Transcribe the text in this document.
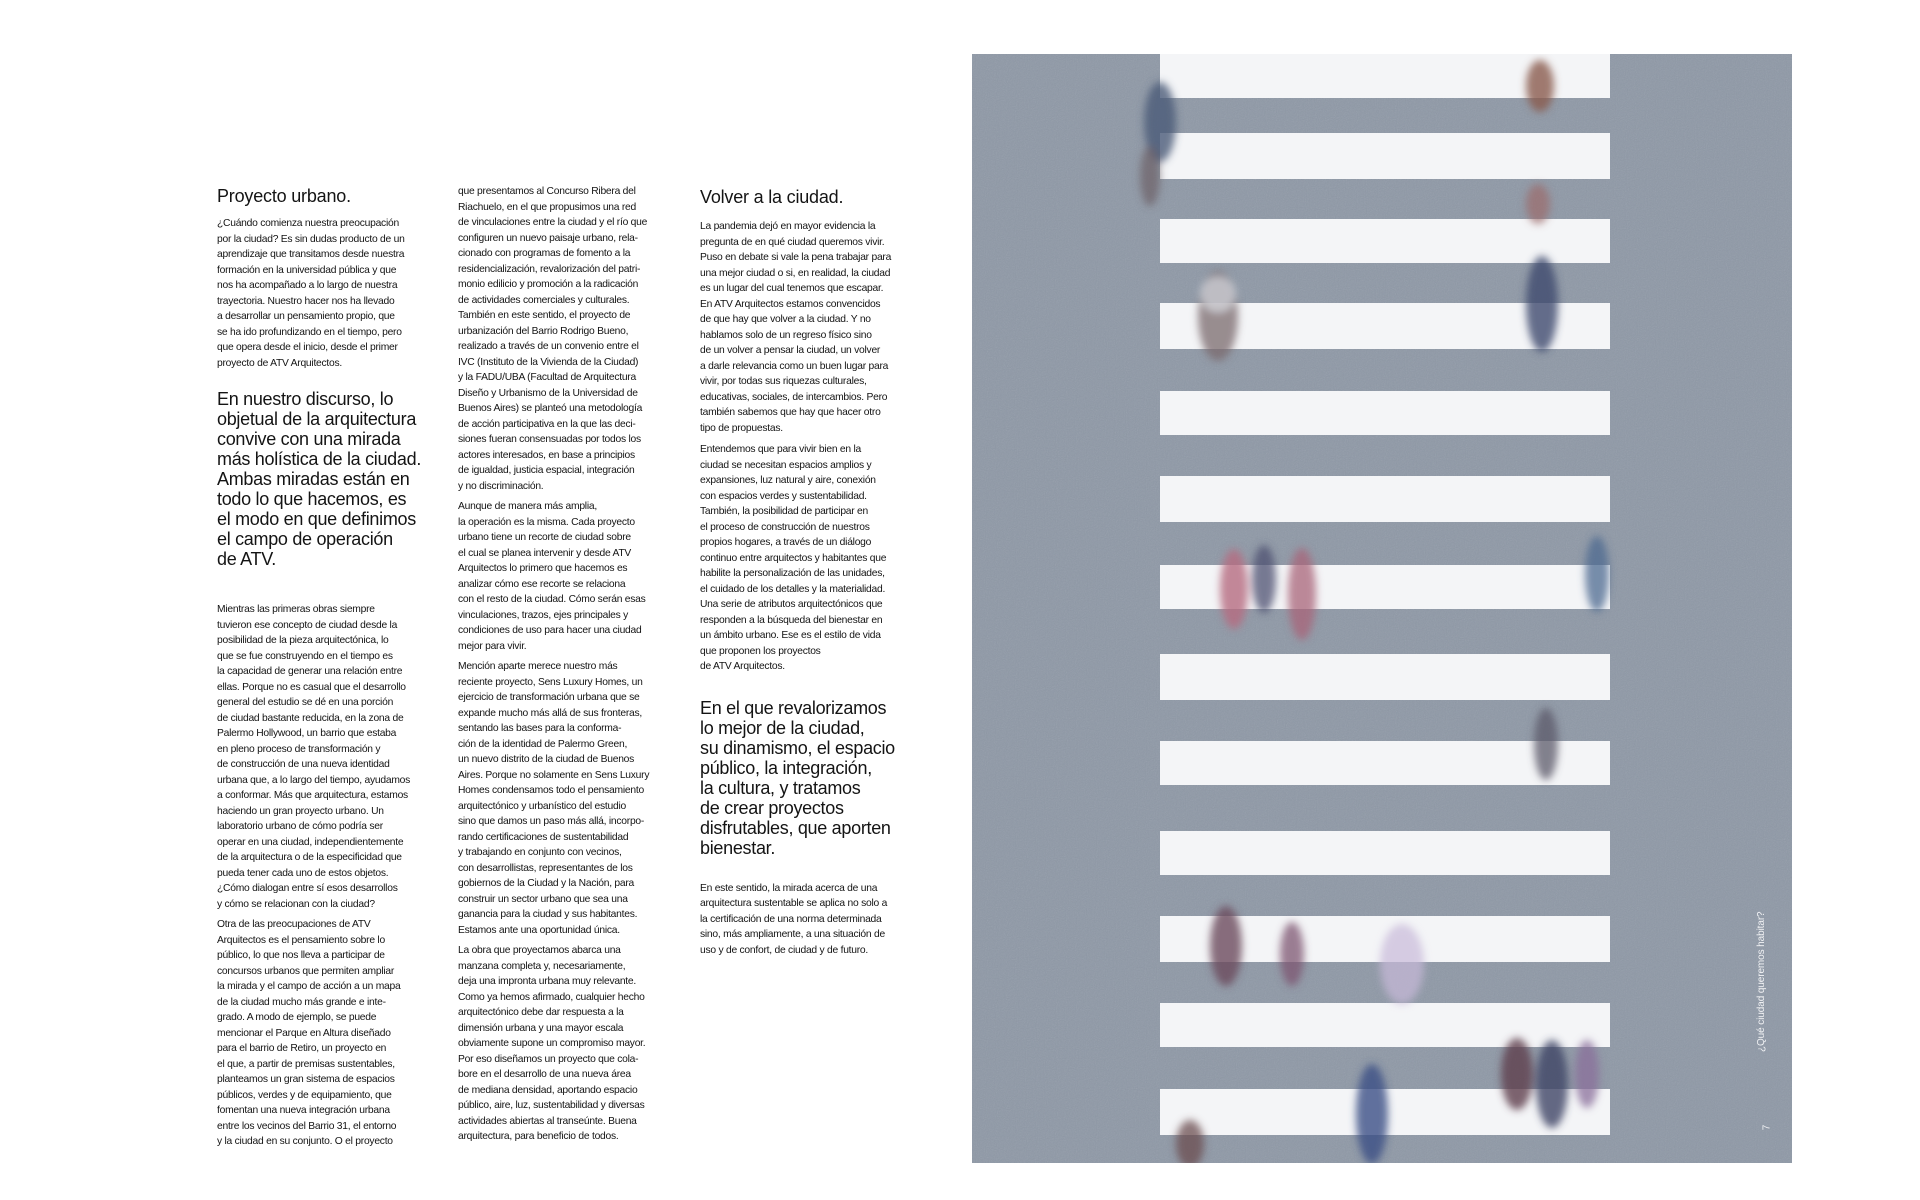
Proyecto urbano.

¿Cuándo comienza nuestra preocupación
por la ciudad? Es sin dudas producto de un
aprendizaje que transitamos desde nuestra
formación en la universidad pública y que
nos ha acompañado a lo largo de nuestra
trayectoria. Nuestro hacer nos ha llevado
a desarrollar un pensamiento propio, que
se ha ido profundizando en el tiempo, pero
que opera desde el inicio, desde el primer
proyecto de ATV Arquitectos.

En nuestro discurso, lo
objetual de la arquitectura
convive con una mirada
más holística de la ciudad.
Ambas miradas están en
todo lo que hacemos, es
el modo en que definimos
el campo de operación
de ATV.

Mientras las primeras obras siempre
tuvieron ese concepto de ciudad desde la
posibilidad de la pieza arquitectónica, lo
que se fue construyendo en el tiempo es
la capacidad de generar una relación entre
ellas. Porque no es casual que el desarrollo
general del estudio se dé en una porción
de ciudad bastante reducida, en la zona de
Palermo Hollywood, un barrio que estaba
en pleno proceso de transformación y
de construcción de una nueva identidad
urbana que, a lo largo del tiempo, ayudamos
a conformar. Más que arquitectura, estamos
haciendo un gran proyecto urbano. Un
laboratorio urbano de cómo podría ser
operar en una ciudad, independientemente
de la arquitectura o de la especificidad que
pueda tener cada uno de estos objetos.
¿Cómo dialogan entre sí esos desarrollos
y cómo se relacionan con la ciudad?

Otra de las preocupaciones de ATV
Arquitectos es el pensamiento sobre lo
público, lo que nos lleva a participar de
concursos urbanos que permiten ampliar
la mirada y el campo de acción a un mapa
de la ciudad mucho más grande e inte-
grado. A modo de ejemplo, se puede
mencionar el Parque en Altura diseñado
para el barrio de Retiro, un proyecto en
el que, a partir de premisas sustentables,
planteamos un gran sistema de espacios
públicos, verdes y de equipamiento, que
fomentan una nueva integración urbana
entre los vecinos del Barrio 31, el entorno
y la ciudad en su conjunto. O el proyecto

que presentamos al Concurso Ribera del
Riachuelo, en el que propusimos una red
de vinculaciones entre la ciudad y el río que
configuren un nuevo paisaje urbano, rela-
cionado con programas de fomento a la
residencialización, revalorización del patri-
monio edilicio y promoción a la radicación
de actividades comerciales y culturales.
También en este sentido, el proyecto de
urbanización del Barrio Rodrigo Bueno,
realizado a través de un convenio entre el
IVC (Instituto de la Vivienda de la Ciudad)
y la FADU/UBA (Facultad de Arquitectura
Diseño y Urbanismo de la Universidad de
Buenos Aires) se planteó una metodología
de acción participativa en la que las deci-
siones fueran consensuadas por todos los
actores interesados, en base a principios
de igualdad, justicia espacial, integración
y no discriminación.

Aunque de manera más amplia,
la operación es la misma. Cada proyecto
urbano tiene un recorte de ciudad sobre
el cual se planea intervenir y desde ATV
Arquitectos lo primero que hacemos es
analizar cómo ese recorte se relaciona
con el resto de la ciudad. Cómo serán esas
vinculaciones, trazos, ejes principales y
condiciones de uso para hacer una ciudad
mejor para vivir.

Mención aparte merece nuestro más
reciente proyecto, Sens Luxury Homes, un
ejercicio de transformación urbana que se
expande mucho más allá de sus fronteras,
sentando las bases para la conforma-
ción de la identidad de Palermo Green,
un nuevo distrito de la ciudad de Buenos
Aires. Porque no solamente en Sens Luxury
Homes condensamos todo el pensamiento
arquitectónico y urbanístico del estudio
sino que damos un paso más allá, incorpo-
rando certificaciones de sustentabilidad
y trabajando en conjunto con vecinos,
con desarrollistas, representantes de los
gobiernos de la Ciudad y la Nación, para
construir un sector urbano que sea una
ganancia para la ciudad y sus habitantes.
Estamos ante una oportunidad única.

La obra que proyectamos abarca una
manzana completa y, necesariamente,
deja una impronta urbana muy relevante.
Como ya hemos afirmado, cualquier hecho
arquitectónico debe dar respuesta a la
dimensión urbana y una mayor escala
obviamente supone un compromiso mayor.
Por eso diseñamos un proyecto que cola-
bore en el desarrollo de una nueva área
de mediana densidad, aportando espacio
público, aire, luz, sustentabilidad y diversas
actividades abiertas al transeúnte. Buena
arquitectura, para beneficio de todos.

Volver a la ciudad.

La pandemia dejó en mayor evidencia la
pregunta de en qué ciudad queremos vivir.
Puso en debate si vale la pena trabajar para
una mejor ciudad o si, en realidad, la ciudad
es un lugar del cual tenemos que escapar.
En ATV Arquitectos estamos convencidos
de que hay que volver a la ciudad. Y no
hablamos solo de un regreso físico sino
de un volver a pensar la ciudad, un volver
a darle relevancia como un buen lugar para
vivir, por todas sus riquezas culturales,
educativas, sociales, de intercambios. Pero
también sabemos que hay que hacer otro
tipo de propuestas.

Entendemos que para vivir bien en la
ciudad se necesitan espacios amplios y
expansiones, luz natural y aire, conexión
con espacios verdes y sustentabilidad.
También, la posibilidad de participar en
el proceso de construcción de nuestros
propios hogares, a través de un diálogo
continuo entre arquitectos y habitantes que
habilite la personalización de las unidades,
el cuidado de los detalles y la materialidad.
Una serie de atributos arquitectónicos que
responden a la búsqueda del bienestar en
un ámbito urbano. Ese es el estilo de vida
que proponen los proyectos
de ATV Arquitectos.

En el que revalorizamos
lo mejor de la ciudad,
su dinamismo, el espacio
público, la integración,
la cultura, y tratamos
de crear proyectos
disfrutables, que aporten
bienestar.

En este sentido, la mirada acerca de una
arquitectura sustentable se aplica no solo a
la certificación de una norma determinada
sino, más ampliamente, a una situación de
uso y de confort, de ciudad y de futuro.	¿Qué ciudad queremos habitar?
7
